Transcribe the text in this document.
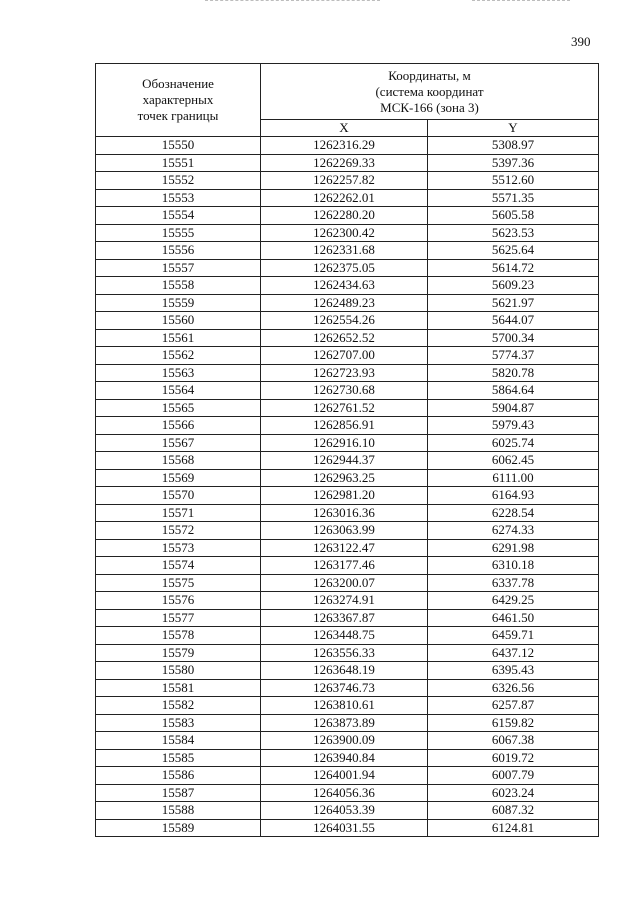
390
Обозначение
характерных
точек границы	Координаты, м
(система координат
МСК-166 (зона 3)	

	X	Y
15550	1262316.29	5308.97
15551	1262269.33	5397.36
15552	1262257.82	5512.60
15553	1262262.01	5571.35
15554	1262280.20	5605.58
15555	1262300.42	5623.53
15556	1262331.68	5625.64
15557	1262375.05	5614.72
15558	1262434.63	5609.23
15559	1262489.23	5621.97
15560	1262554.26	5644.07
15561	1262652.52	5700.34
15562	1262707.00	5774.37
15563	1262723.93	5820.78
15564	1262730.68	5864.64
15565	1262761.52	5904.87
15566	1262856.91	5979.43
15567	1262916.10	6025.74
15568	1262944.37	6062.45
15569	1262963.25	6111.00
15570	1262981.20	6164.93
15571	1263016.36	6228.54
15572	1263063.99	6274.33
15573	1263122.47	6291.98
15574	1263177.46	6310.18
15575	1263200.07	6337.78
15576	1263274.91	6429.25
15577	1263367.87	6461.50
15578	1263448.75	6459.71
15579	1263556.33	6437.12
15580	1263648.19	6395.43
15581	1263746.73	6326.56
15582	1263810.61	6257.87
15583	1263873.89	6159.82
15584	1263900.09	6067.38
15585	1263940.84	6019.72
15586	1264001.94	6007.79
15587	1264056.36	6023.24
15588	1264053.39	6087.32
15589	1264031.55	6124.81
